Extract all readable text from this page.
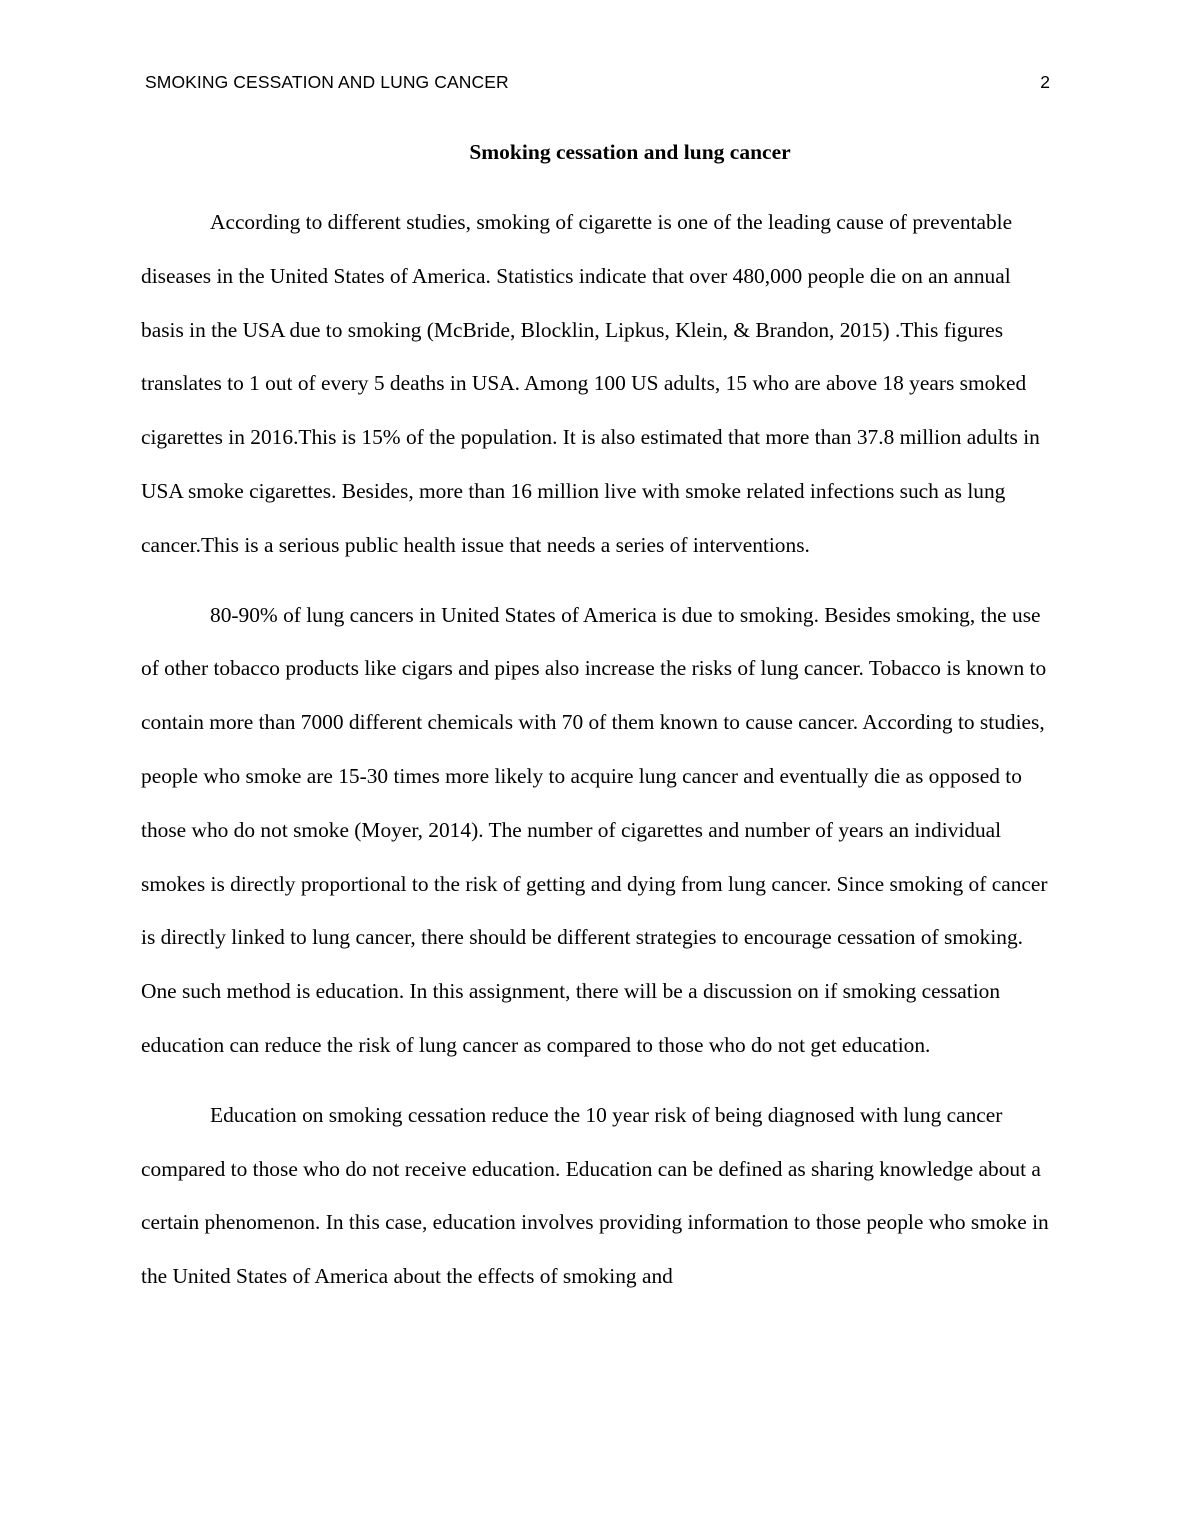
SMOKING CESSATION AND LUNG CANCER	2
Smoking cessation and lung cancer

According to different studies, smoking of cigarette is one of the leading cause of preventable diseases in the United States of America. Statistics indicate that over 480,000 people die on an annual basis in the USA due to smoking (McBride, Blocklin, Lipkus, Klein, & Brandon, 2015) .This figures translates to 1 out of every 5 deaths in USA. Among 100 US adults, 15 who are above 18 years smoked cigarettes in 2016.This is 15% of the population. It is also estimated that more than 37.8 million adults in USA smoke cigarettes. Besides, more than 16 million live with smoke related infections such as lung cancer.This is a serious public health issue that needs a series of interventions.

80-90% of lung cancers in United States of America is due to smoking. Besides smoking, the use of other tobacco products like cigars and pipes also increase the risks of lung cancer. Tobacco is known to contain more than 7000 different chemicals with 70 of them known to cause cancer. According to studies, people who smoke are 15-30 times more likely to acquire lung cancer and eventually die as opposed to those who do not smoke (Moyer, 2014). The number of cigarettes and number of years an individual smokes is directly proportional to the risk of getting and dying from lung cancer. Since smoking of cancer is directly linked to lung cancer, there should be different strategies to encourage cessation of smoking. One such method is education. In this assignment, there will be a discussion on if smoking cessation education can reduce the risk of lung cancer as compared to those who do not get education.

Education on smoking cessation reduce the 10 year risk of being diagnosed with lung cancer compared to those who do not receive education. Education can be defined as sharing knowledge about a certain phenomenon. In this case, education involves providing information to those people who smoke in the United States of America about the effects of smoking and
